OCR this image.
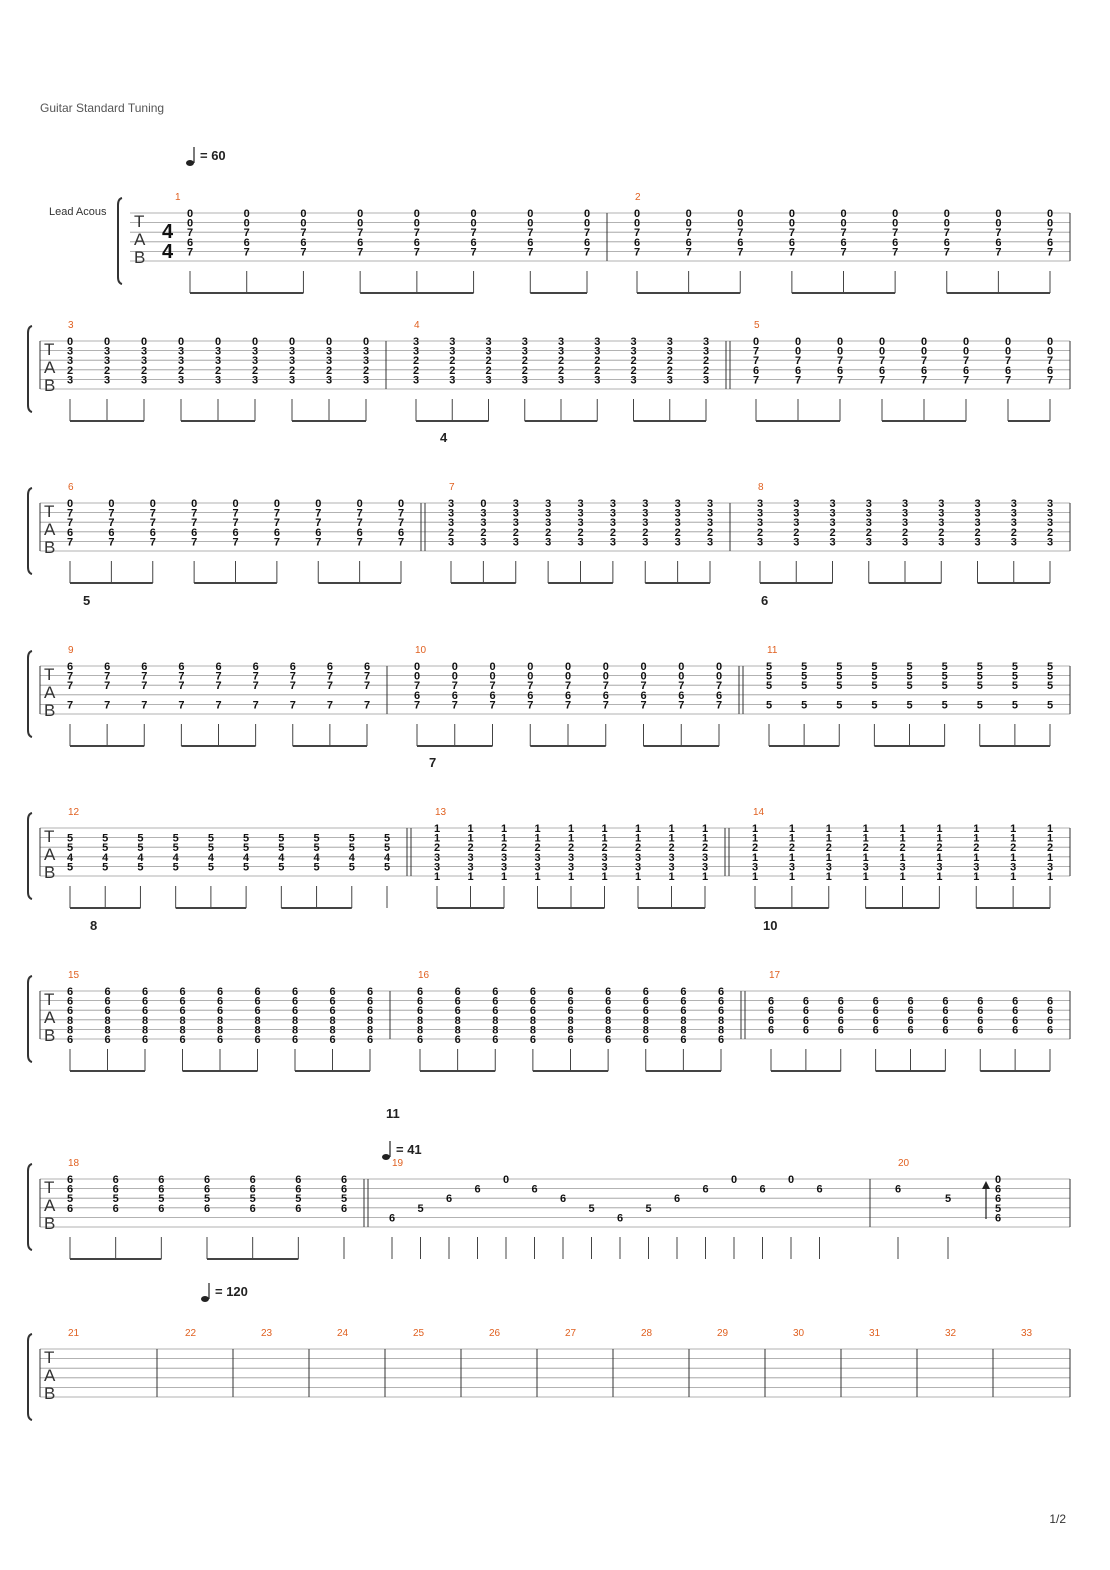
Guitar Standard Tuning
Lead Acous
1/2
T
A
B
4
4
= 60
1
0
0
7
6
7
0
0
7
6
7
0
0
7
6
7
0
0
7
6
7
0
0
7
6
7
0
0
7
6
7
0
0
7
6
7
0
0
7
6
7
2
0
0
7
6
7
0
0
7
6
7
0
0
7
6
7
0
0
7
6
7
0
0
7
6
7
0
0
7
6
7
0
0
7
6
7
0
0
7
6
7
0
0
7
6
7
T
A
B
3
0
3
3
2
3
0
3
3
2
3
0
3
3
2
3
0
3
3
2
3
0
3
3
2
3
0
3
3
2
3
0
3
3
2
3
0
3
3
2
3
0
3
3
2
3
4
3
3
2
2
3
3
3
2
2
3
3
3
2
2
3
3
3
2
2
3
3
3
2
2
3
3
3
2
2
3
3
3
2
2
3
3
3
2
2
3
3
3
2
2
3
5
0
7
7
6
7
0
0
7
6
7
0
0
7
6
7
0
0
7
6
7
0
0
7
6
7
0
0
7
6
7
0
0
7
6
7
0
0
7
6
7
T
A
B
4
6
0
7
7
6
7
0
7
7
6
7
0
7
7
6
7
0
7
7
6
7
0
7
7
6
7
0
7
7
6
7
0
7
7
6
7
0
7
7
6
7
0
7
7
6
7
7
3
3
3
2
3
0
3
3
2
3
3
3
3
2
3
3
3
3
2
3
3
3
3
2
3
3
3
3
2
3
3
3
3
2
3
3
3
3
2
3
3
3
3
2
3
8
3
3
3
2
3
3
3
3
2
3
3
3
3
2
3
3
3
3
2
3
3
3
3
2
3
3
3
3
2
3
3
3
3
2
3
3
3
3
2
3
3
3
3
2
3
T
A
B
5
9
6
7
7
7
6
7
7
7
6
7
7
7
6
7
7
7
6
7
7
7
6
7
7
7
6
7
7
7
6
7
7
7
6
7
7
7
10
0
0
7
6
7
0
0
7
6
7
0
0
7
6
7
0
0
7
6
7
0
0
7
6
7
0
0
7
6
7
0
0
7
6
7
0
0
7
6
7
0
0
7
6
7
11
6
5
5
5
5
5
5
5
5
5
5
5
5
5
5
5
5
5
5
5
5
5
5
5
5
5
5
5
5
5
5
5
5
5
5
5
5
T
A
B
12
5
5
4
5
5
5
4
5
5
5
4
5
5
5
4
5
5
5
4
5
5
5
4
5
5
5
4
5
5
5
4
5
5
5
4
5
5
5
4
5
13
7
1
1
2
3
3
1
1
1
2
3
3
1
1
1
2
3
3
1
1
1
2
3
3
1
1
1
2
3
3
1
1
1
2
3
3
1
1
1
2
3
3
1
1
1
2
3
3
1
1
1
2
3
3
1
14
1
1
2
1
3
1
1
1
2
1
3
1
1
1
2
1
3
1
1
1
2
1
3
1
1
1
2
1
3
1
1
1
2
1
3
1
1
1
2
1
3
1
1
1
2
1
3
1
1
1
2
1
3
1
T
A
B
8
15
6
6
6
8
8
6
6
6
6
8
8
6
6
6
6
8
8
6
6
6
6
8
8
6
6
6
6
8
8
6
6
6
6
8
8
6
6
6
6
8
8
6
6
6
6
8
8
6
6
6
6
8
8
6
16
6
6
6
8
8
6
6
6
6
8
8
6
6
6
6
8
8
6
6
6
6
8
8
6
6
6
6
8
8
6
6
6
6
8
8
6
6
6
6
8
8
6
6
6
6
8
8
6
6
6
6
8
8
6
17
10
6
6
6
6
6
6
6
6
6
6
6
6
6
6
6
6
6
6
6
6
6
6
6
6
6
6
6
6
6
6
6
6
6
6
6
6
T
A
B
18
6
6
5
6
6
6
5
6
6
6
5
6
6
6
5
6
6
6
5
6
6
6
5
6
6
6
5
6
19
11
= 41
6
5
6
6
0
6
6
5
6
5
6
6
0
6
0
6
20
6
5
0
6
6
5
6
T
A
B
= 120
21	22	23	24	25	26	27	28	29	30	31	32	33
